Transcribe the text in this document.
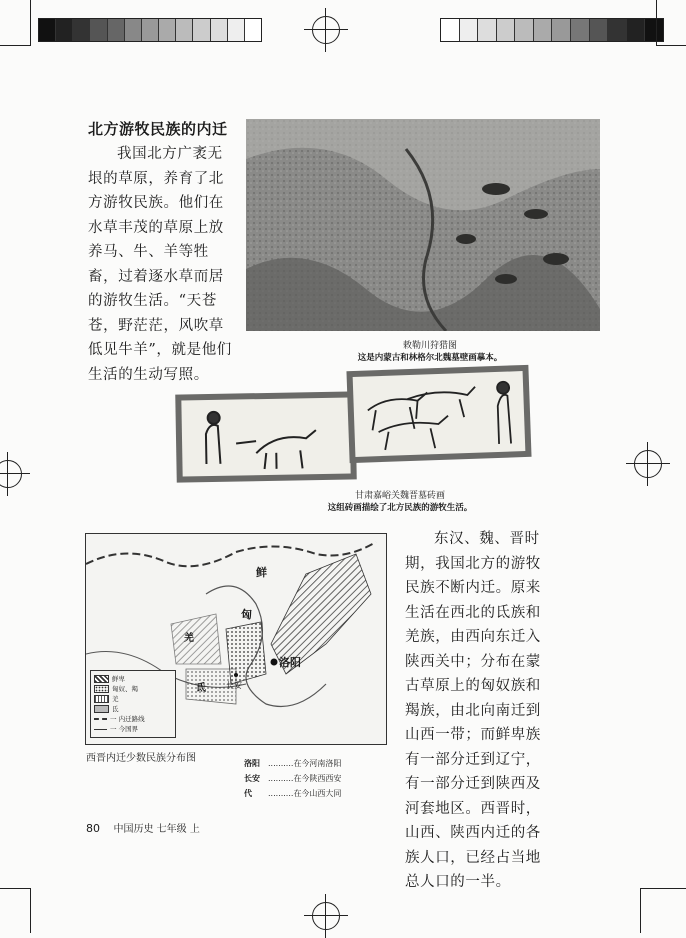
北方游牧民族的内迁
我国北方广袤无垠的草原，养育了北方游牧民族。他们在水草丰茂的草原上放养马、牛、羊等牲畜，过着逐水草而居的游牧生活。“天苍苍，野茫茫，风吹草低见牛羊”，就是他们生活的生动写照。
敕勒川狩猎图
这是内蒙古和林格尔北魏墓壁画摹本。
甘肃嘉峪关魏晋墓砖画
这组砖画描绘了北方民族的游牧生活。
鲜
匈
羌
氐
洛阳
长安
鲜卑
匈奴、羯
羌
氐
一 内迁路线
一 今国界
西晋内迁少数民族分布图	洛阳	.......... 在今河南洛阳
长安	.......... 在今陕西西安
代	.......... 在今山西大同
东汉、魏、晋时期，我国北方的游牧民族不断内迁。原来生活在西北的氐族和羌族，由西向东迁入陕西关中；分布在蒙古草原上的匈奴族和羯族，由北向南迁到山西一带；而鲜卑族有一部分迁到辽宁，有一部分迁到陕西及河套地区。西晋时，山西、陕西内迁的各族人口，已经占当地总人口的一半。
80 中国历史 七年级 上
